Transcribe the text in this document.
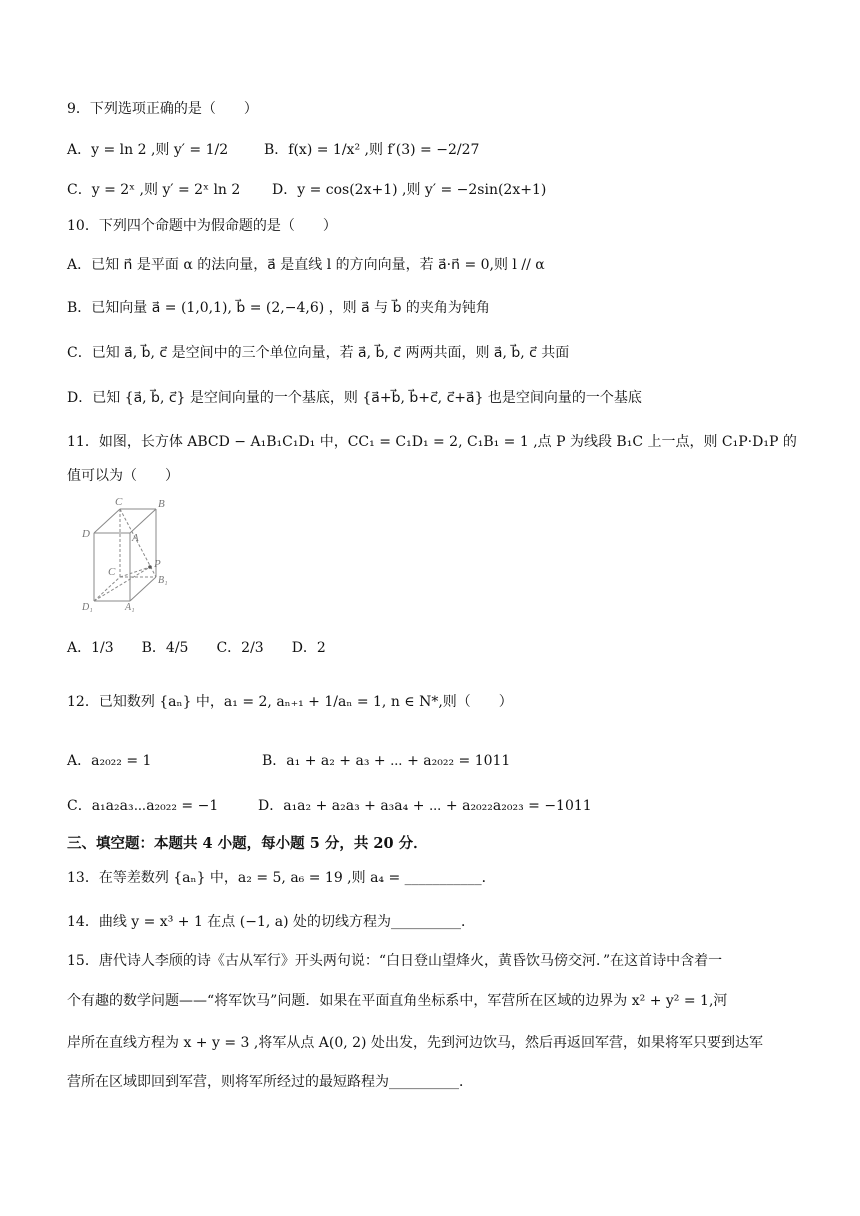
9．下列选项正确的是（　　）
A．y = ln 2 ,则 y′ = 1/2	B．f(x) = 1/x² ,则 f′(3) = −2/27
C．y = 2ˣ ,则 y′ = 2ˣ ln 2 D．y = cos(2x+1) ,则 y′ = −2sin(2x+1)
10．下列四个命题中为假命题的是（　　）
A．已知 n⃗ 是平面 α 的法向量，a⃗ 是直线 l 的方向向量，若 a⃗·n⃗ = 0,则 l // α
B．已知向量 a⃗ = (1,0,1), b⃗ = (2,−4,6) ，则 a⃗ 与 b⃗ 的夹角为钝角
C．已知 a⃗, b⃗, c⃗ 是空间中的三个单位向量，若 a⃗, b⃗, c⃗ 两两共面，则 a⃗, b⃗, c⃗ 共面
D．已知 {a⃗, b⃗, c⃗} 是空间向量的一个基底，则 {a⃗+b⃗, b⃗+c⃗, c⃗+a⃗} 也是空间向量的一个基底
11．如图，长方体 ABCD − A₁B₁C₁D₁ 中，CC₁ = C₁D₁ = 2, C₁B₁ = 1 ,点 P 为线段 B₁C 上一点，则 C₁P·D₁P 的
值可以为（　　）
C	B
D	A
C
P
B₁
D₁	A₁
A．1/3　　B．4/5　　C．2/3　　D．2
12．已知数列 {aₙ} 中，a₁ = 2, aₙ₊₁ + 1/aₙ = 1, n ∈ N*,则（　　）
A．a₂₀₂₂ = 1	B．a₁ + a₂ + a₃ + ⋯ + a₂₀₂₂ = 1011
C．a₁a₂a₃⋯a₂₀₂₂ = −1	D．a₁a₂ + a₂a₃ + a₃a₄ + ⋯ + a₂₀₂₂a₂₀₂₃ = −1011
三、填空题：本题共 4 小题，每小题 5 分，共 20 分．
13．在等差数列 {aₙ} 中，a₂ = 5, a₆ = 19 ,则 a₄ = ___________．
14．曲线 y = x³ + 1 在点 (−1, a) 处的切线方程为__________．
15．唐代诗人李颀的诗《古从军行》开头两句说：“白日登山望烽火，黄昏饮马傍交河．”在这首诗中含着一
个有趣的数学问题——“将军饮马”问题．如果在平面直角坐标系中，军营所在区域的边界为 x² + y² = 1,河
岸所在直线方程为 x + y = 3 ,将军从点 A(0, 2) 处出发，先到河边饮马，然后再返回军营，如果将军只要到达军
营所在区域即回到军营，则将军所经过的最短路程为__________．
